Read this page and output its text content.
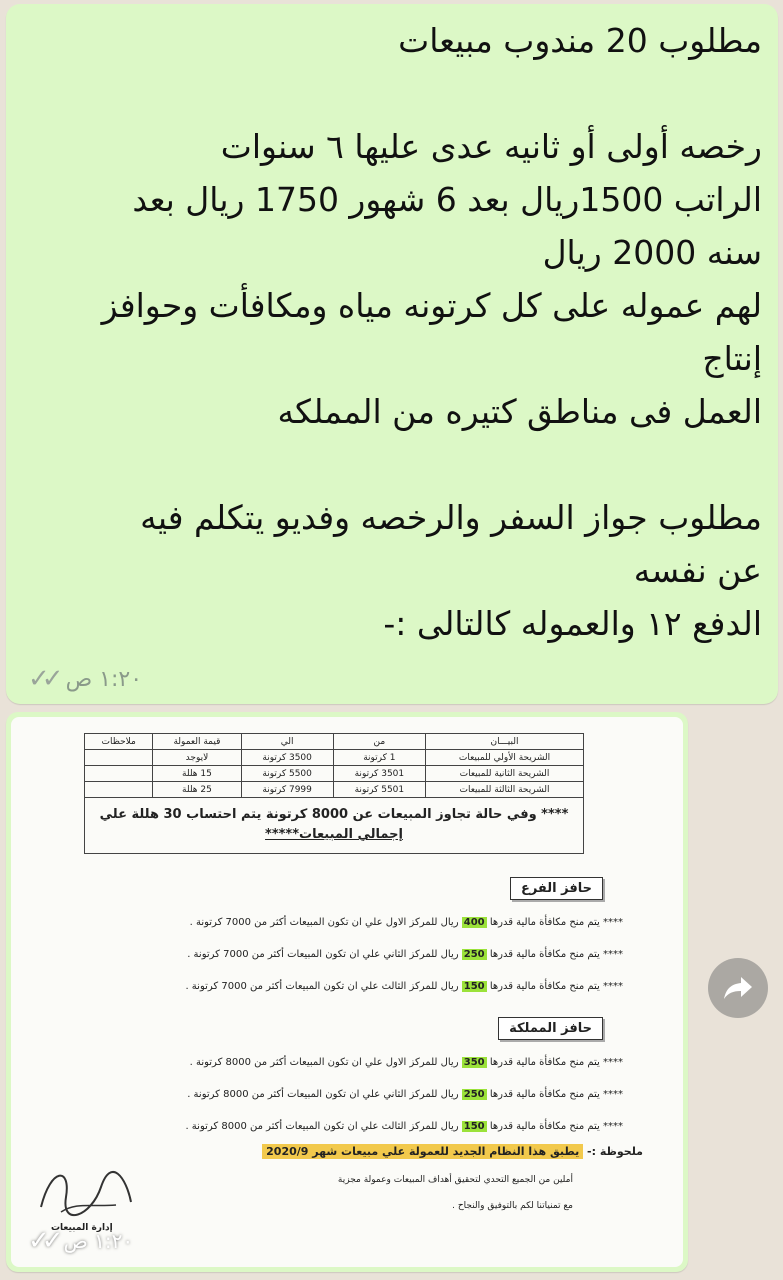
مطلوب 20 مندوب مبيعات
رخصه أولى أو ثانيه عدى عليها ٦ سنوات
الراتب 1500ريال بعد 6 شهور 1750 ريال بعد
سنه 2000 ريال
لهم عموله على كل كرتونه مياه ومكافأت وحوافز
إنتاج
العمل فى مناطق كتيره من المملكه
مطلوب جواز السفر والرخصه وفديو يتكلم فيه
عن نفسه
الدفع ١٢ والعموله كالتالى :-
✓✓ ١:٢٠ ص
البيـــان	من	الي	قيمة العمولة	ملاحظات
الشريحة الأولي للمبيعات	1 كرتونة	3500 كرتونة	لايوجد	
الشريحة الثانية للمبيعات	3501 كرتونة	5500 كرتونة	15 هللة	
الشريحة الثالثة للمبيعات	5501 كرتونة	7999 كرتونة	25 هللة	
**** وفي حالة تجاوز المبيعات عن 8000 كرتونة يتم احتساب 30 هللة علي
إجمالي المبيعات*****
حافز الفرع
**** يتم منح مكافأة مالية قدرها 400 ريال للمركز الاول علي ان تكون المبيعات أكثر من 7000 كرتونة .
**** يتم منح مكافأة مالية قدرها 250 ريال للمركز الثاني علي ان تكون المبيعات أكثر من 7000 كرتونة .
**** يتم منح مكافأة مالية قدرها 150 ريال للمركز الثالث علي ان تكون المبيعات أكثر من 7000 كرتونة .
حافز المملكة
**** يتم منح مكافأة مالية قدرها 350 ريال للمركز الاول علي ان تكون المبيعات أكثر من 8000 كرتونة .
**** يتم منح مكافأة مالية قدرها 250 ريال للمركز الثاني علي ان تكون المبيعات أكثر من 8000 كرتونة .
**** يتم منح مكافأة مالية قدرها 150 ريال للمركز الثالث علي ان تكون المبيعات أكثر من 8000 كرتونة .
ملحوظة :- يطبق هذا النظام الجديد للعمولة علي مبيعات شهر 2020/9
أملين من الجميع التحدي لتحقيق أهداف المبيعات وعمولة مجزية
مع تمنياتنا لكم بالتوفيق والنجاح .
إدارة المبيعات
✓✓ ١:٢٠ ص
